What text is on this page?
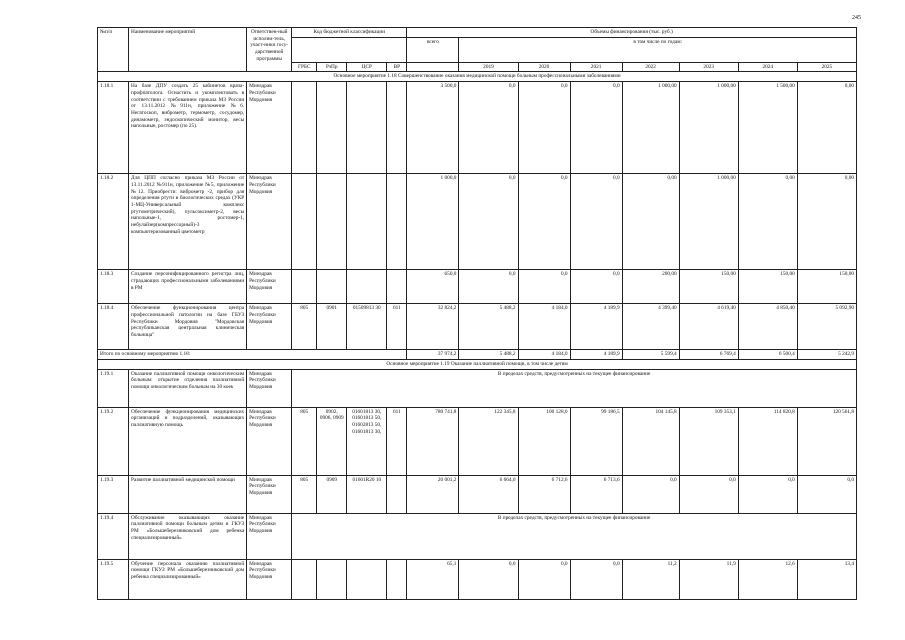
245
№п/п	Наименование мероприятий	Ответствен-ный исполни-тель, участ-ники госу-дарственной программы	Код бюджетной классификации				Объемы финансирования (тыс. руб.)							
							всего	в том числе по годам:						
			ГРБС	РзПр	ЦСР	ВР		2019	2020	2021	2022	2023	2024	2025
Основное мероприятие 1.18 Совершенствование оказания медицинской помощи больным профессиональными заболеваниями														
1.18.1	На базе ДПУ создать 25 кабинетов врача-профпатолога. Оснастить и укомплектовать в соответствии с требованием приказа МЗ России от 13.11.2012 №911н, приложение №6. Негатоскоп, виброметр, термометр, сосудомер, динамометр, эндоскопический монитор, весы напольные, ростомер (по 25).	Минздрав Республики Мордовия					3 500,0	0,0	0,0	0,0	1 000,00	1 000,00	1 500,00	0,00
1.18.2	Для ЦПП согласно приказа МЗ России от 13.11.2012 №911н, приложение №5, приложение №12. Приобрести: виброметр -2, прибор для определения ртути в биологических средах (УКР 1-МЦ-Универсальный комплекс ртутометрический), пульсоксиметр-2, весы напольные-1, ростомер-1, небулайзер(компрессорный)-3 компьютеризованный цветометр	Минздрав Республики Мордовия					1 000,0	0,0	0,0	0,0	0,00	1 000,00	0,00	0,00
1.18.3	Создание персонифицированного регистра лиц, страдающих профессиональными заболеваниями в РМ	Минздрав Республики Мордовия					650,0	0,0	0,0	0,0	200,00	150,00	150,00	150,00
1.18.4	Обеспечение функционирования центра профессиональной патологии на базе ГБУЗ Республики Мордовия "Мордовская республиканская центральная клиническая больница"	Минздрав Республики Мордовия	805	0901	01509813 30	611	32 824,2	5 488,2	4 184,0	4 189,9	4 399,40	4 619,40	4 850,40	5 092,90
Итого по основному мероприятию 1.18:							37 974,2	5 488,2	4 184,0	4 189,9	5 599,4	6 769,4	6 500,4	5 242,9
Основное мероприятие 1.19 Оказание паллиативной помощи, в том числе детям														
1.19.1	Оказание паллиативной помощи онкологическим больным: открытие отделения паллиативной помощи онкологическим больным на 30 коек	Минздрав Республики Мордовия	В пределах средств, предусмотренных на текущее финансирование											
1.19.2	Обеспечение функционирования медицинских организаций и подразделений, оказывающих паллиативную помощь	Минздрав Республики Мордовия	805	0902, 0906, 0909	01601813 30, 01601813 50, 01602813 50, 01601813 30,	611	780 741,8	122 345,8	100 128,0	99 186,5	104 145,8	109 353,1	114 820,8	120 561,8
1.19.3	Развитие паллиативной медицинской помощи	Минздрав Республики Мордовия	805	0909	01601R20 10		20 001,2	6 664,0	6 712,6	6 713,6	0,0	0,0	0,0	0,0
1.19.4	Обслуживание оказывающих оказание паллиативной помощи больным детям в ГКУЗ РМ «Большеберезниковский дом ребенка специализированный»	Минздрав Республики Мордовия	В пределах средств, предусмотренных на текущее финансирование											
1.19.5	Обучение персонала оказанию паллиативной помощи ГКУЗ РМ «Большеберезниковский дом ребенка специализированный»	Минздрав Республики Мордовия					65,1	0,0	0,0	0,0	11,2	11,9	12,6	13,4
